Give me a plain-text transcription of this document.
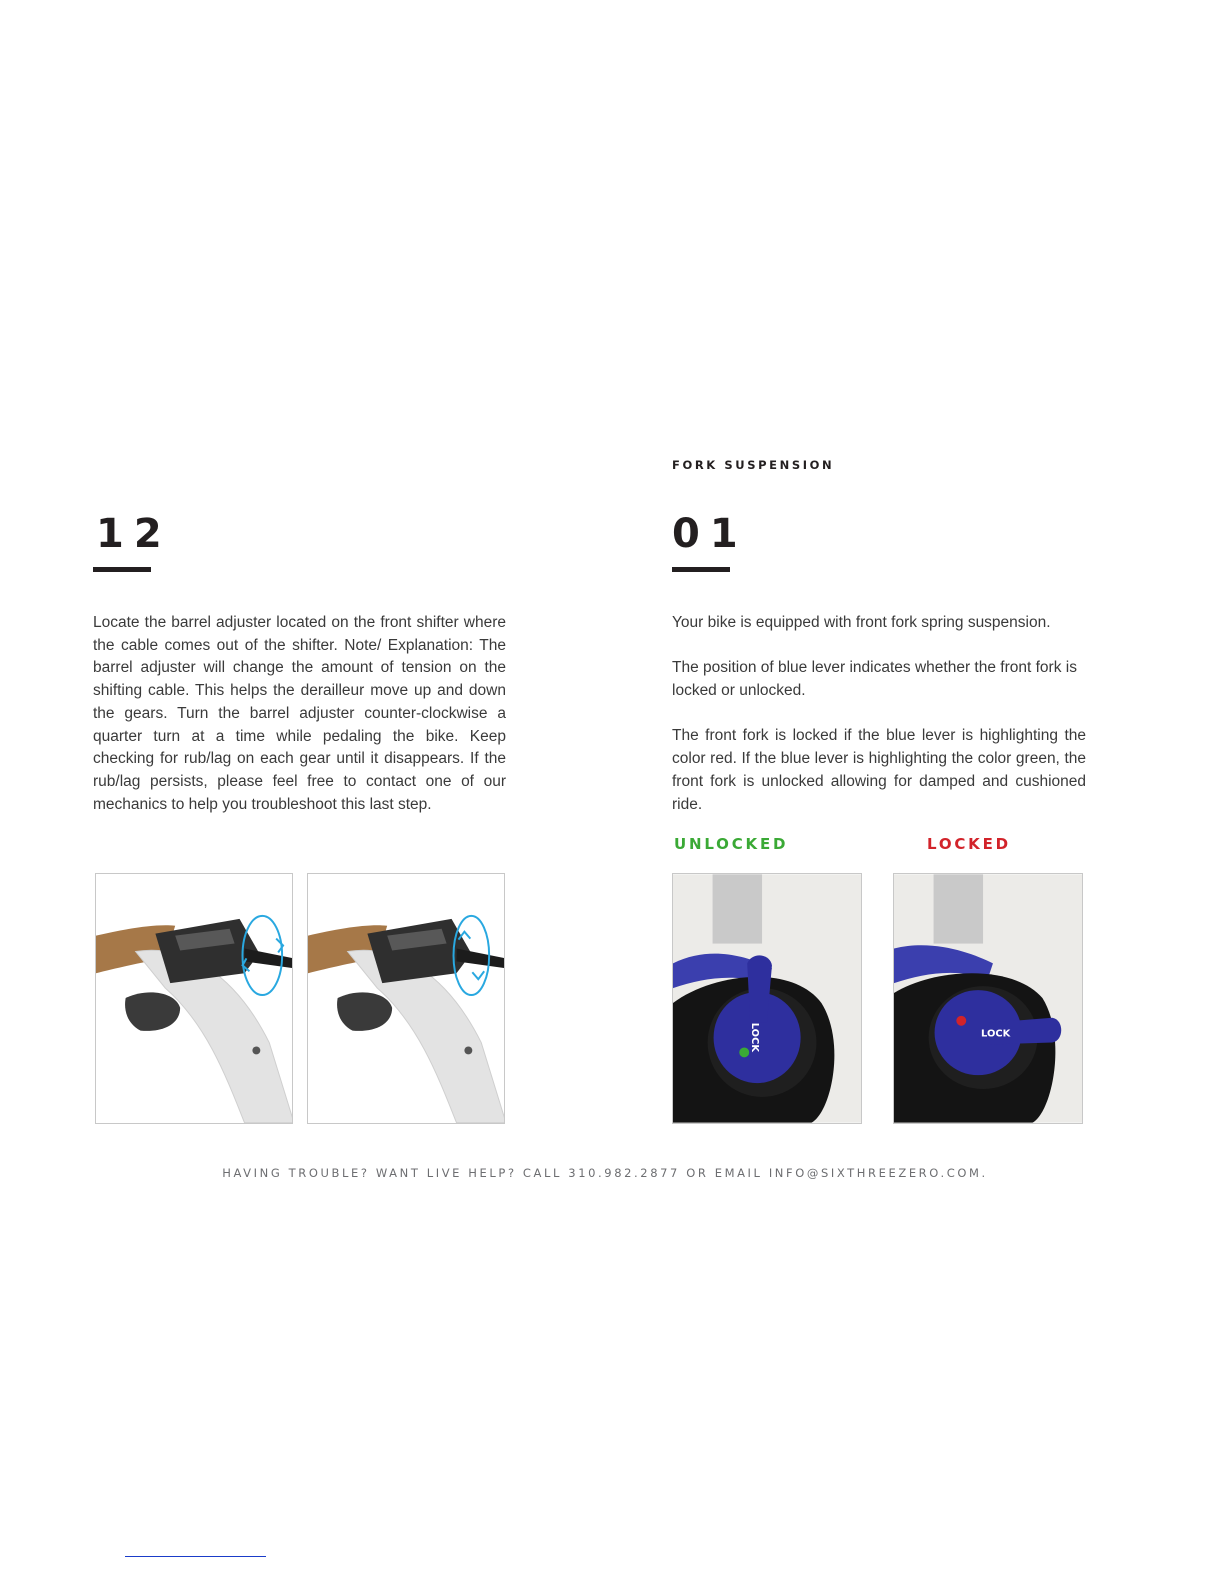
FORK SUSPENSION
12

Locate the barrel adjuster located on the front shifter where the cable comes out of the shifter. Note/ Explanation: The barrel adjuster will change the amount of tension on the shifting cable. This helps the derailleur move up and down the gears. Turn the barrel adjuster counter-clockwise a quarter turn at a time while pedaling the bike. Keep checking for rub/lag on each gear until it disappears. If the rub/lag persists, please feel free to contact one of our mechanics to help you troubleshoot this last step.

01

Your bike is equipped with front fork spring suspension.

The position of blue lever indicates whether the front fork is locked or unlocked.

The front fork is locked if the blue lever is highlighting the color red. If the blue lever is highlighting the color green, the front fork is unlocked allowing for damped and cushioned ride.

UNLOCKED	LOCKED
LOCK	LOCK
HAVING TROUBLE? WANT LIVE HELP? CALL 310.982.2877 OR EMAIL INFO@SIXTHREEZERO.COM.
